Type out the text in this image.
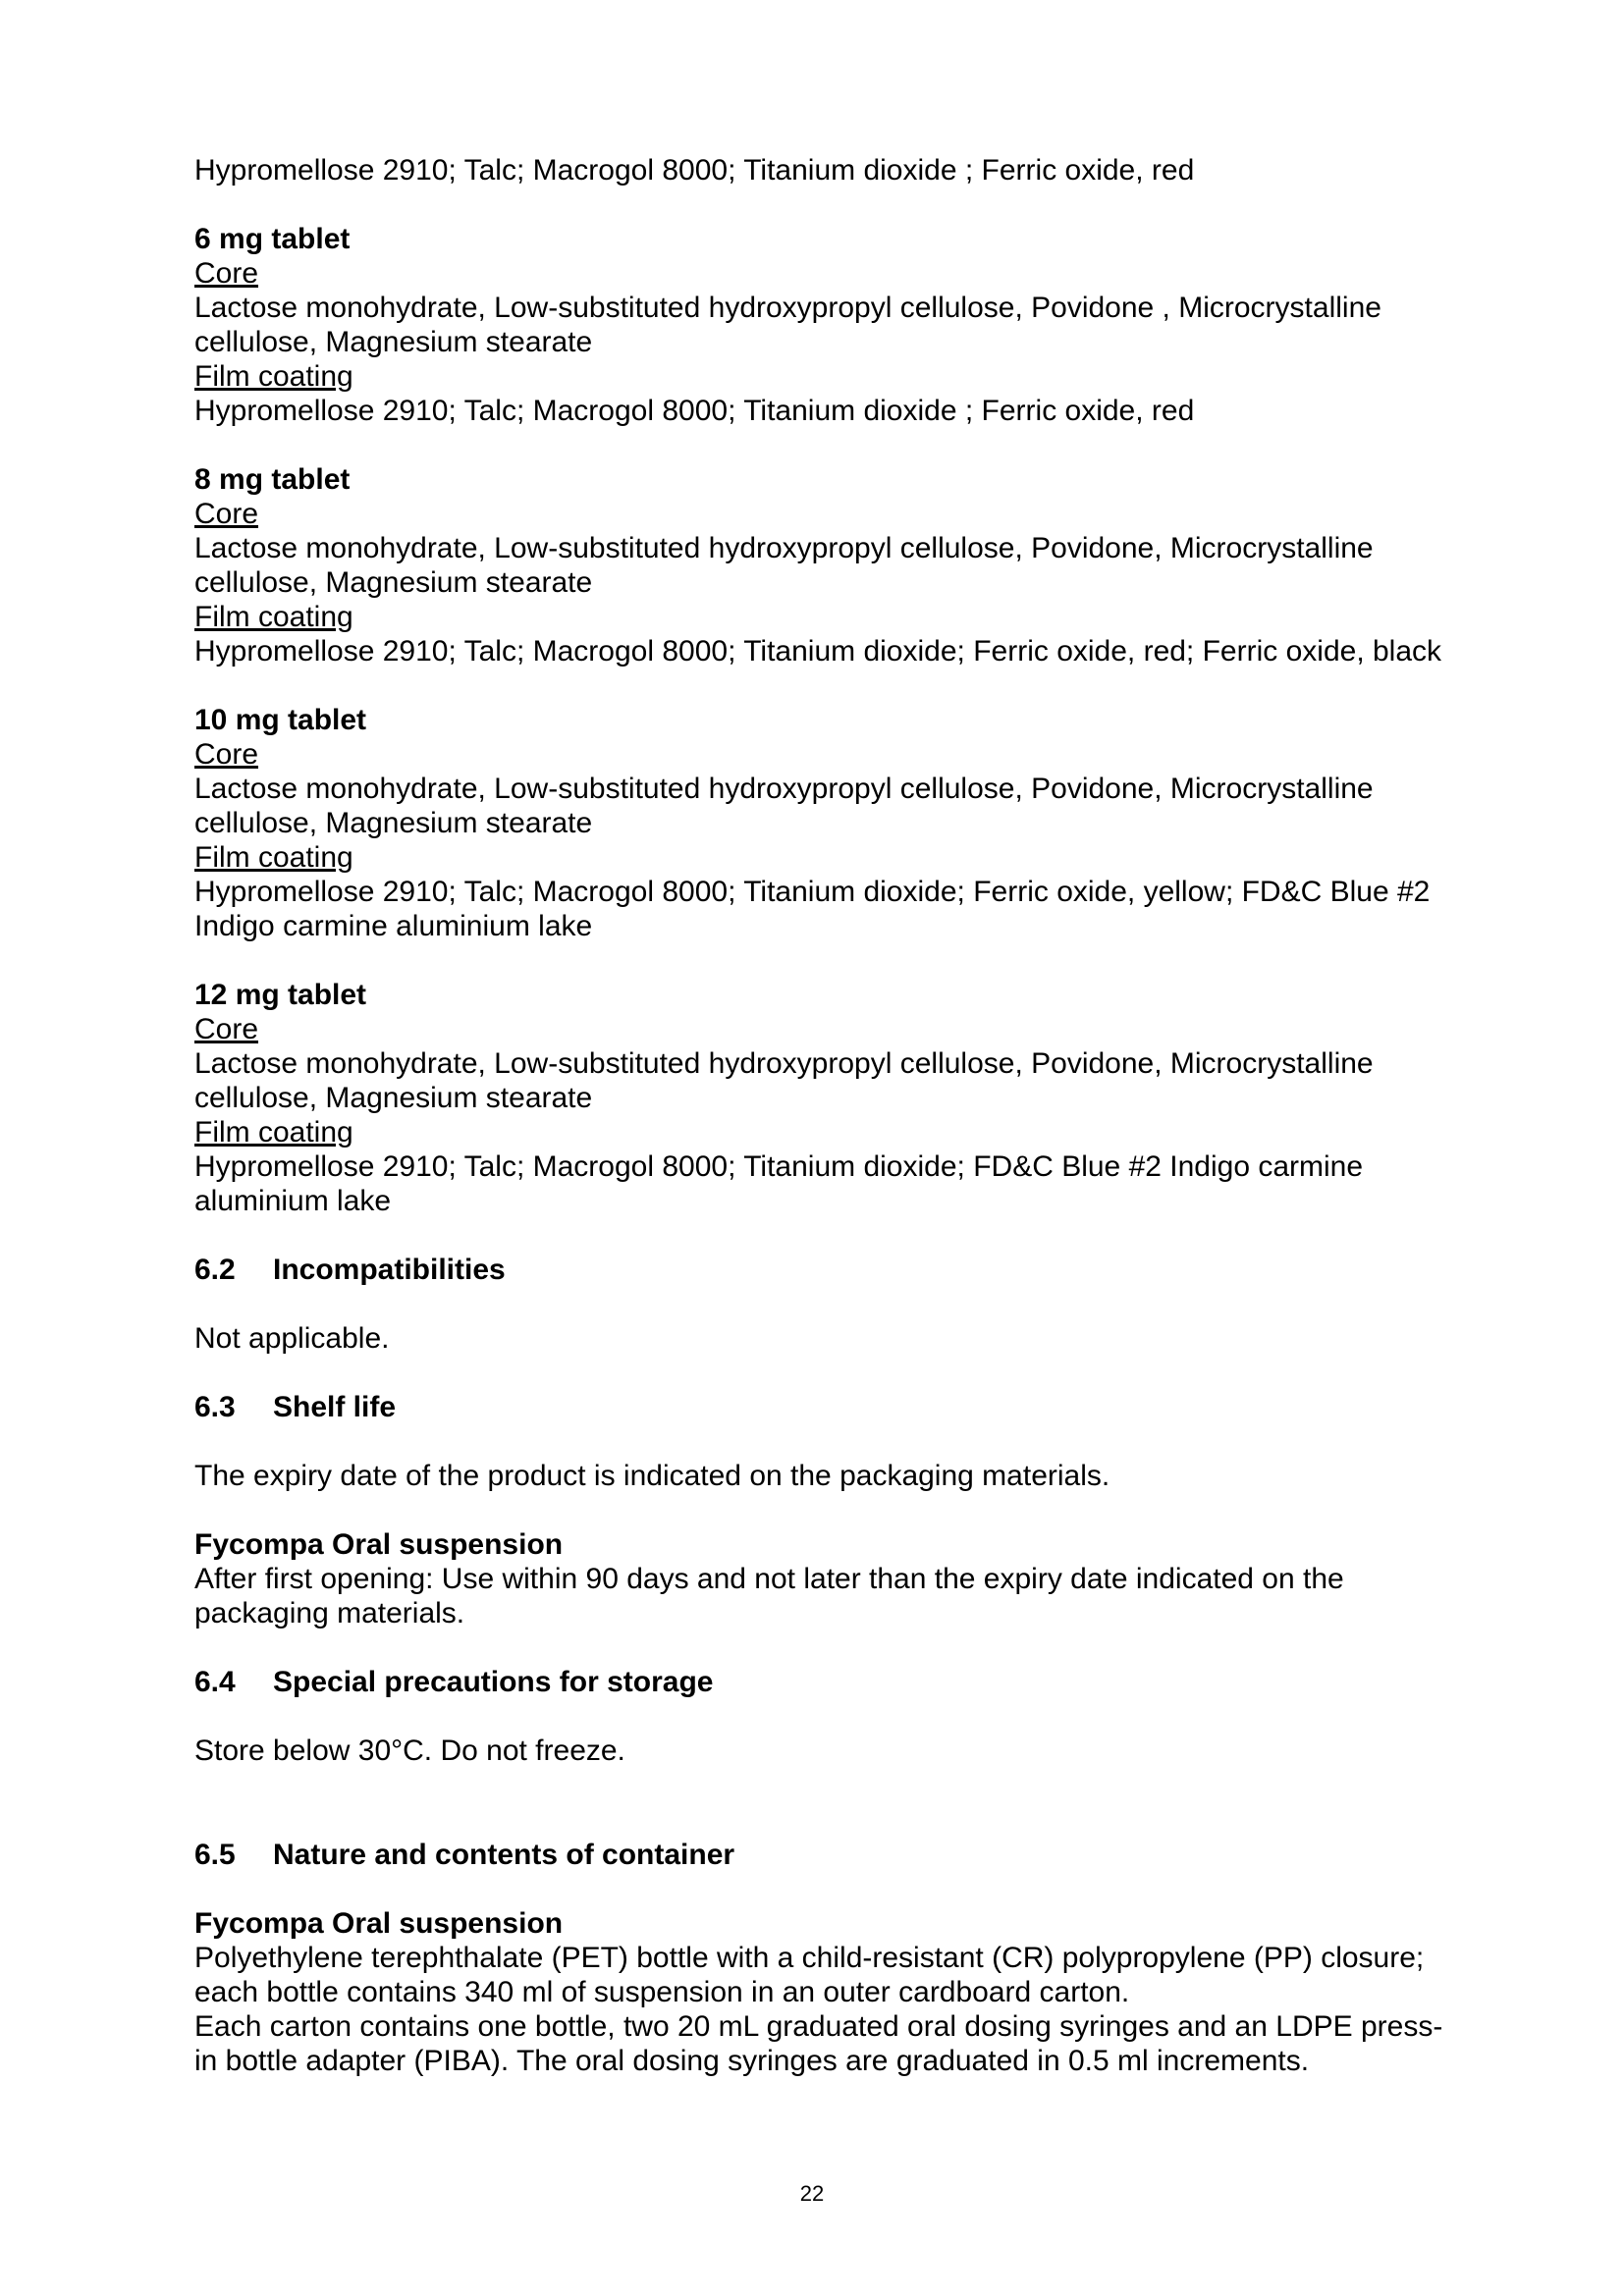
Hypromellose 2910; Talc; Macrogol 8000; Titanium dioxide ; Ferric oxide, red

6 mg tablet

Core

Lactose monohydrate, Low-substituted hydroxypropyl cellulose, Povidone , Microcrystalline cellulose, Magnesium stearate

Film coating

Hypromellose 2910; Talc; Macrogol 8000; Titanium dioxide ; Ferric oxide, red

8 mg tablet

Core

Lactose monohydrate, Low-substituted hydroxypropyl cellulose, Povidone, Microcrystalline cellulose, Magnesium stearate

Film coating

Hypromellose 2910; Talc; Macrogol 8000; Titanium dioxide; Ferric oxide, red; Ferric oxide, black

10 mg tablet

Core

Lactose monohydrate, Low-substituted hydroxypropyl cellulose, Povidone, Microcrystalline cellulose, Magnesium stearate

Film coating

Hypromellose 2910; Talc; Macrogol 8000; Titanium dioxide; Ferric oxide, yellow; FD&C Blue #2 Indigo carmine aluminium lake

12 mg tablet

Core

Lactose monohydrate, Low-substituted hydroxypropyl cellulose, Povidone, Microcrystalline cellulose, Magnesium stearate

Film coating

Hypromellose 2910; Talc; Macrogol 8000; Titanium dioxide; FD&C Blue #2 Indigo carmine aluminium lake

6.2 Incompatibilities

Not applicable.

6.3 Shelf life

The expiry date of the product is indicated on the packaging materials.

Fycompa Oral suspension

After first opening: Use within 90 days and not later than the expiry date indicated on the packaging materials.

6.4 Special precautions for storage

Store below 30°C. Do not freeze.

6.5 Nature and contents of container

Fycompa Oral suspension

Polyethylene terephthalate (PET) bottle with a child-resistant (CR) polypropylene (PP) closure; each bottle contains 340 ml of suspension in an outer cardboard carton.

Each carton contains one bottle, two 20 mL graduated oral dosing syringes and an LDPE press-in bottle adapter (PIBA). The oral dosing syringes are graduated in 0.5 ml increments.

22
